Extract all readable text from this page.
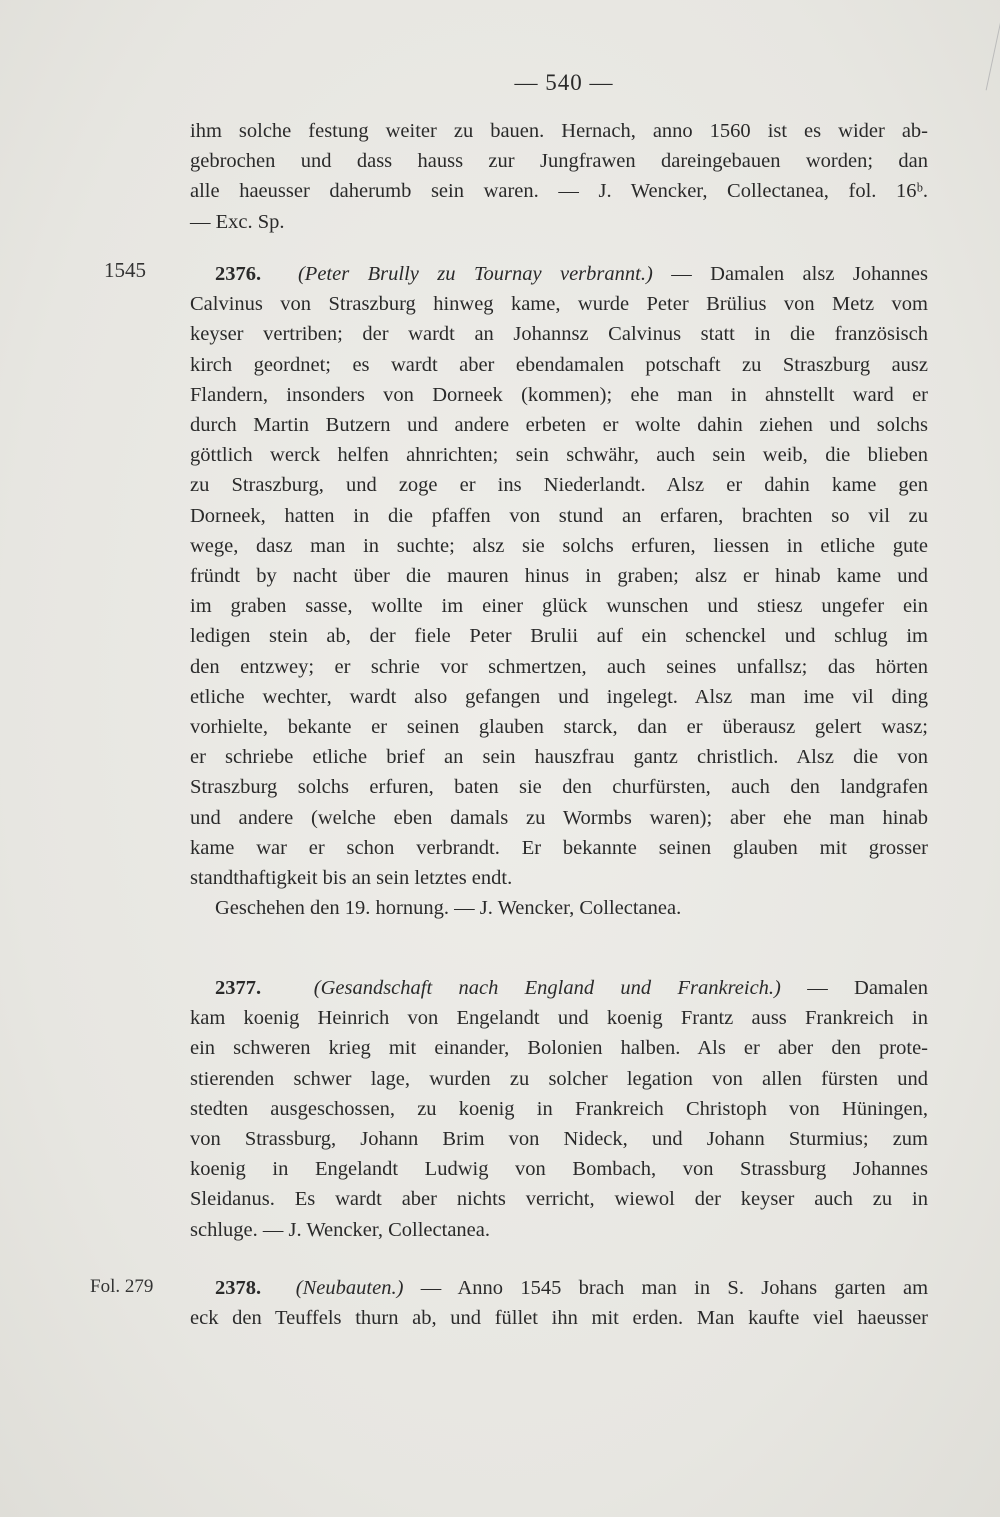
— 540 —
ihm solche festung weiter zu bauen. Hernach, anno 1560 ist es wider ab-
gebrochen und dass hauss zur Jungfrawen dareingebauen worden; dan
alle haeusser daherumb sein waren. — J. Wencker, Collectanea, fol. 16ᵇ.
— Exc. Sp.
1545	2376. (Peter Brully zu Tournay verbrannt.) — Damalen alsz Johannes
Calvinus von Straszburg hinweg kame, wurde Peter Brülius von Metz vom
keyser vertriben; der wardt an Johannsz Calvinus statt in die französisch
kirch geordnet; es wardt aber ebendamalen potschaft zu Straszburg ausz
Flandern, insonders von Dorneek (kommen); ehe man in ahnstellt ward er
durch Martin Butzern und andere erbeten er wolte dahin ziehen und solchs
göttlich werck helfen ahnrichten; sein schwähr, auch sein weib, die blieben
zu Straszburg, und zoge er ins Niederlandt. Alsz er dahin kame gen
Dorneek, hatten in die pfaffen von stund an erfaren, brachten so vil zu
wege, dasz man in suchte; alsz sie solchs erfuren, liessen in etliche gute
fründt by nacht über die mauren hinus in graben; alsz er hinab kame und
im graben sasse, wollte im einer glück wunschen und stiesz ungefer ein
ledigen stein ab, der fiele Peter Brulii auf ein schenckel und schlug im
den entzwey; er schrie vor schmertzen, auch seines unfallsz; das hörten
etliche wechter, wardt also gefangen und ingelegt. Alsz man ime vil ding
vorhielte, bekante er seinen glauben starck, dan er überausz gelert wasz;
er schriebe etliche brief an sein hauszfrau gantz christlich. Alsz die von
Straszburg solchs erfuren, baten sie den churfürsten, auch den landgrafen
und andere (welche eben damals zu Wormbs waren); aber ehe man hinab
kame war er schon verbrandt. Er bekannte seinen glauben mit grosser
standthaftigkeit bis an sein letztes endt.
Geschehen den 19. hornung. — J. Wencker, Collectanea.
2377.	(Gesandschaft nach England und Frankreich.) — Damalen
kam koenig Heinrich von Engelandt und koenig Frantz auss Frankreich in
ein schweren krieg mit einander, Bolonien halben. Als er aber den prote-
stierenden schwer lage, wurden zu solcher legation von allen fürsten und
stedten ausgeschossen, zu koenig in Frankreich Christoph von Hüningen,
von Strassburg, Johann Brim von Nideck, und Johann Sturmius; zum
koenig in Engelandt Ludwig von Bombach, von Strassburg Johannes
Sleidanus. Es wardt aber nichts verricht, wiewol der keyser auch zu in
schluge. — J. Wencker, Collectanea.
Fol. 279	2378. (Neubauten.) — Anno 1545 brach man in S. Johans garten am
eck den Teuffels thurn ab, und füllet ihn mit erden. Man kaufte viel haeusser
